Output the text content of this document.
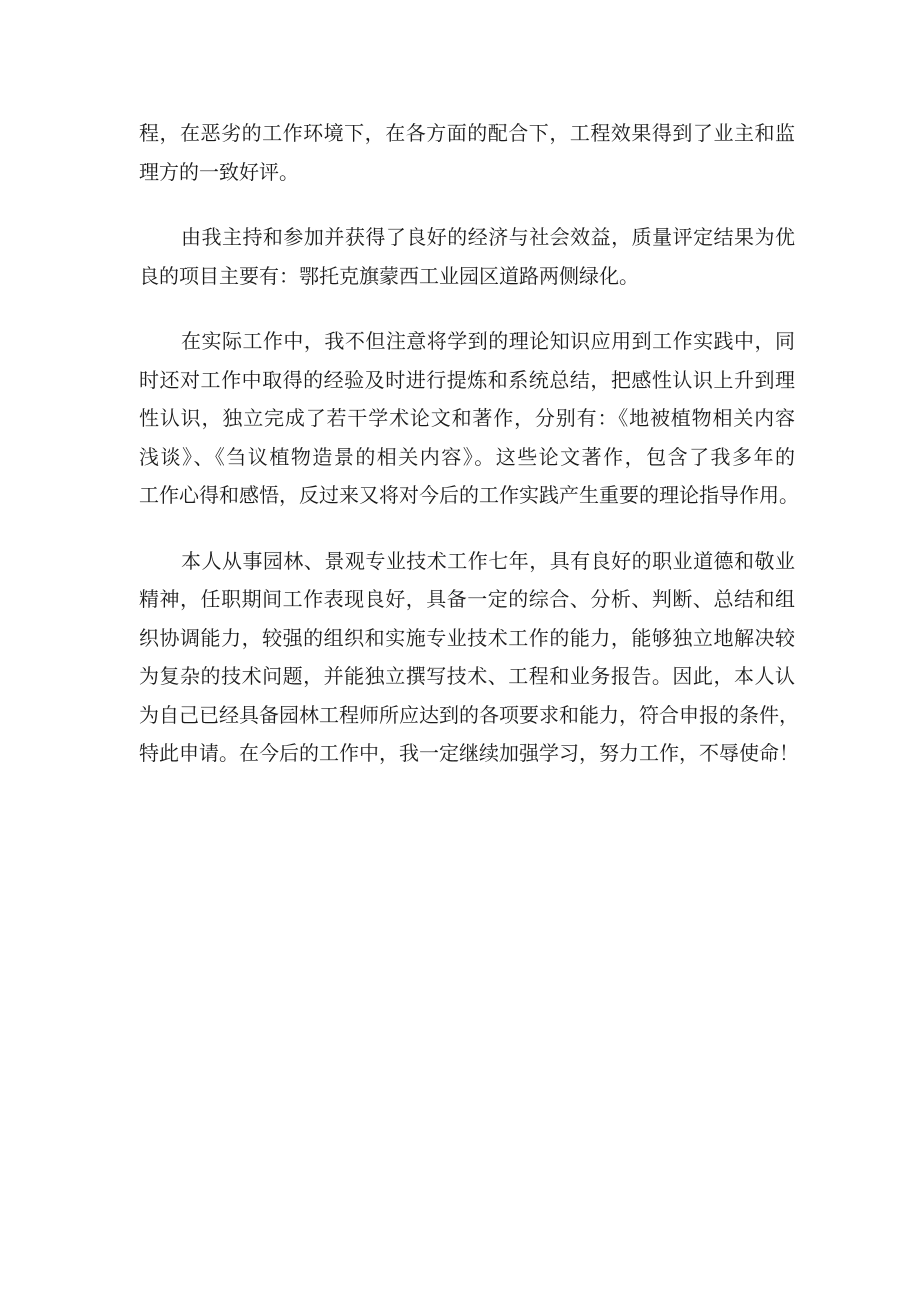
程，在恶劣的工作环境下，在各方面的配合下，工程效果得到了业主和监
理方的一致好评。
由我主持和参加并获得了良好的经济与社会效益，质量评定结果为优
良的项目主要有：鄂托克旗蒙西工业园区道路两侧绿化。
在实际工作中，我不但注意将学到的理论知识应用到工作实践中，同
时还对工作中取得的经验及时进行提炼和系统总结，把感性认识上升到理
性认识，独立完成了若干学术论文和著作，分别有：《地被植物相关内容
浅谈》、《刍议植物造景的相关内容》。这些论文著作，包含了我多年的
工作心得和感悟，反过来又将对今后的工作实践产生重要的理论指导作用。
本人从事园林、景观专业技术工作七年，具有良好的职业道德和敬业
精神，任职期间工作表现良好，具备一定的综合、分析、判断、总结和组
织协调能力，较强的组织和实施专业技术工作的能力，能够独立地解决较
为复杂的技术问题，并能独立撰写技术、工程和业务报告。因此，本人认
为自己已经具备园林工程师所应达到的各项要求和能力，符合申报的条件，
特此申请。在今后的工作中，我一定继续加强学习，努力工作，不辱使命！
